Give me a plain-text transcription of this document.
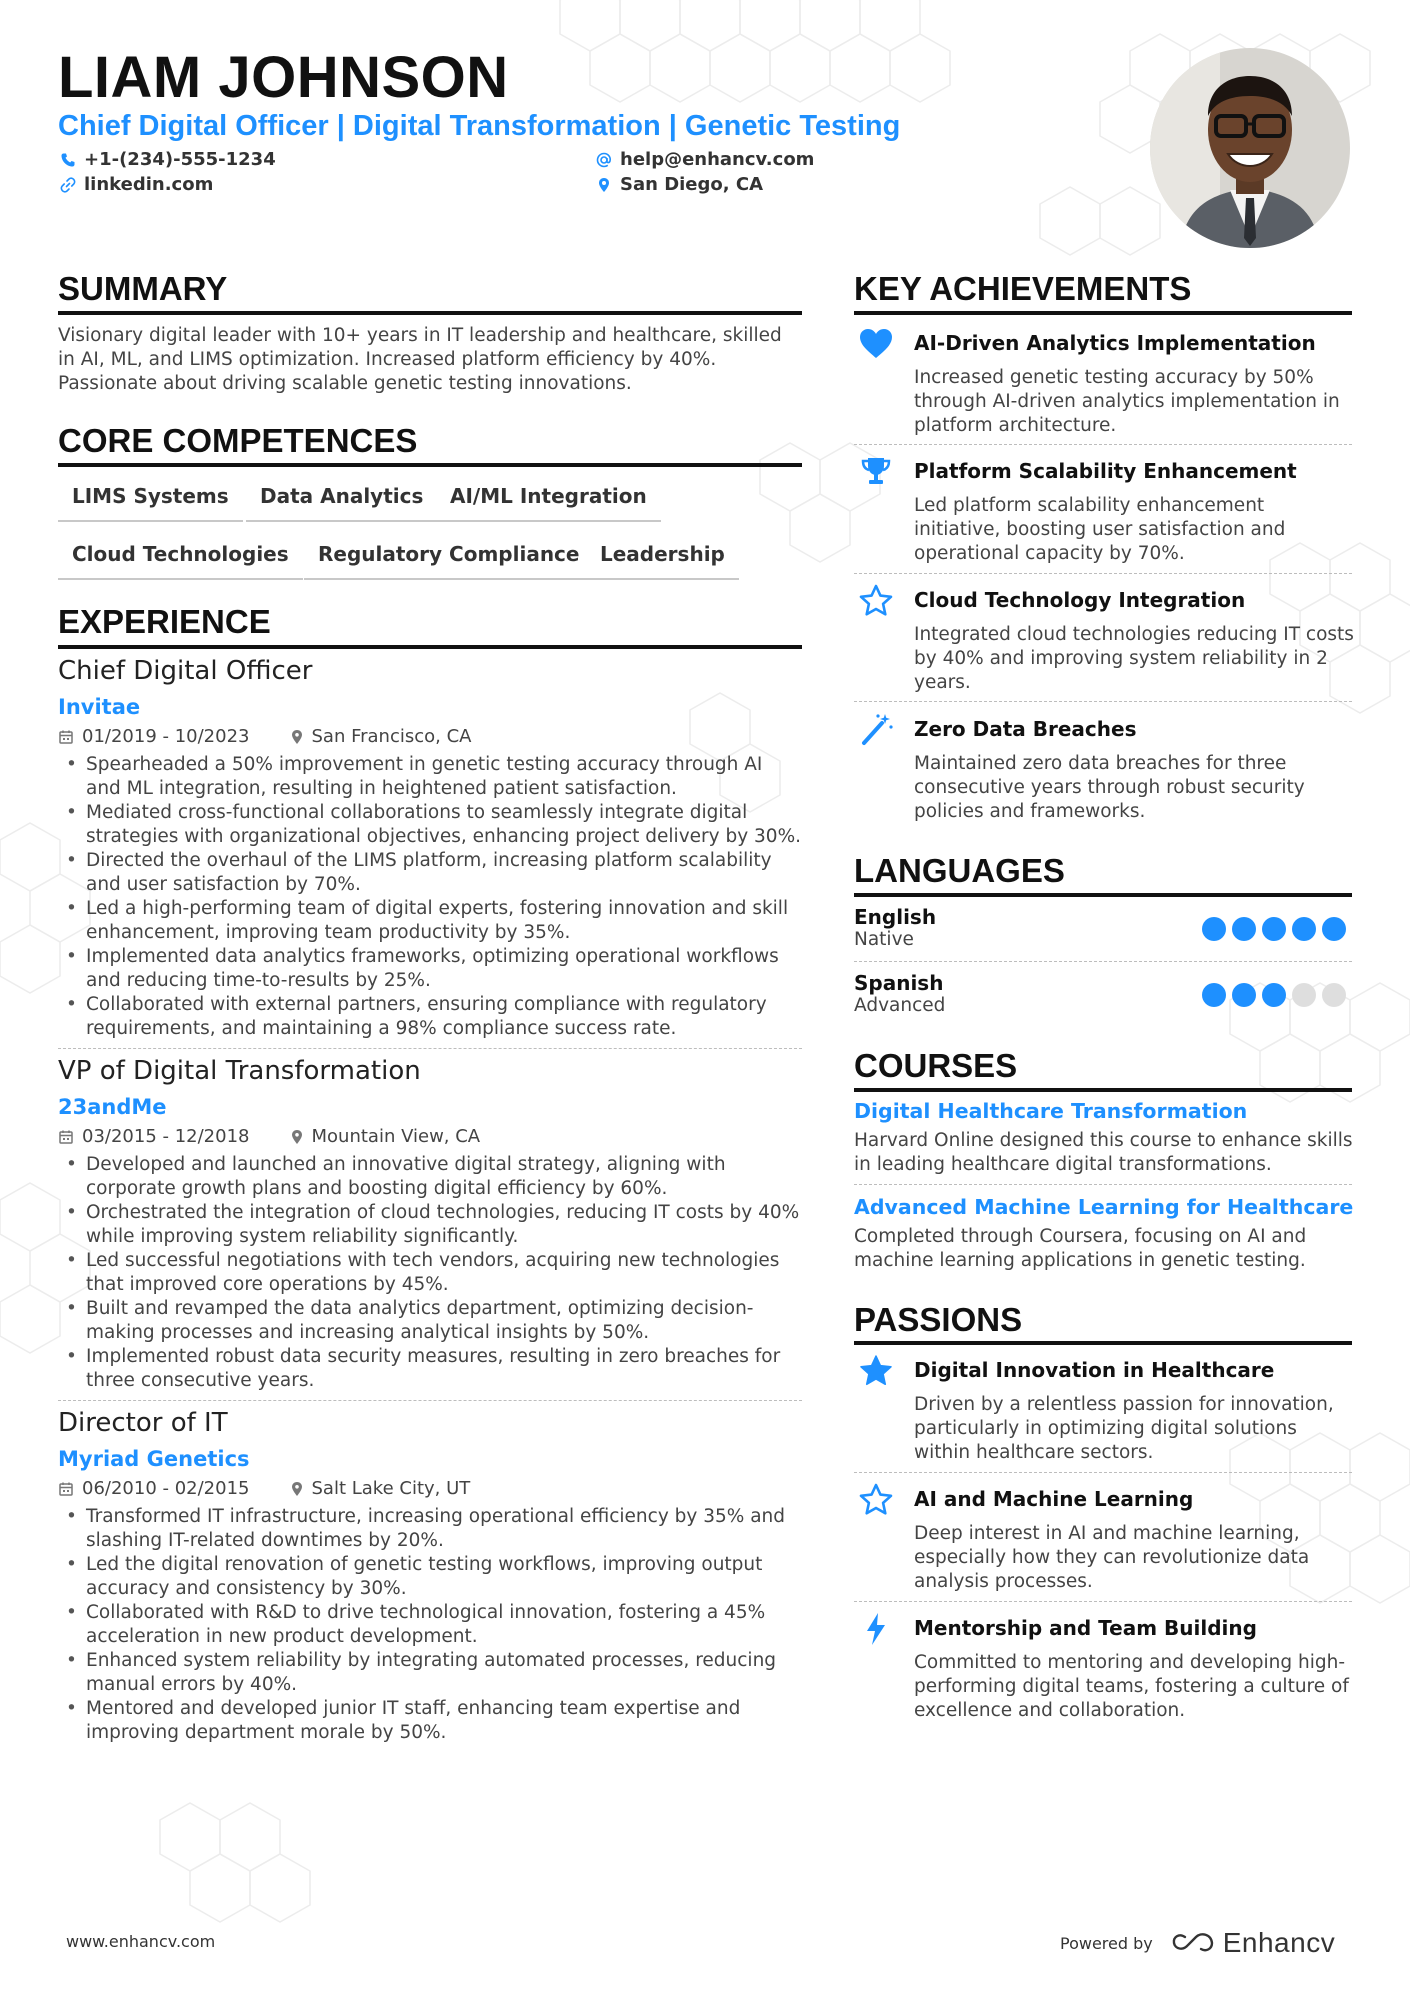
LIAM JOHNSON
Chief Digital Officer | Digital Transformation | Genetic Testing
+1-(234)-555-1234	help@enhancv.com
linkedin.com	San Diego, CA
SUMMARY
Visionary digital leader with 10+ years in IT leadership and healthcare, skilled in AI, ML, and LIMS optimization. Increased platform efficiency by 40%. Passionate about driving scalable genetic testing innovations.
CORE COMPETENCES
LIMS Systems	Data Analytics	AI/ML Integration
Cloud Technologies	Regulatory Compliance	Leadership
EXPERIENCE
Chief Digital Officer
Invitae
01/2019 - 10/2023	San Francisco, CA
• Spearheaded a 50% improvement in genetic testing accuracy through AI and ML integration, resulting in heightened patient satisfaction.
• Mediated cross-functional collaborations to seamlessly integrate digital strategies with organizational objectives, enhancing project delivery by 30%.
• Directed the overhaul of the LIMS platform, increasing platform scalability and user satisfaction by 70%.
• Led a high-performing team of digital experts, fostering innovation and skill enhancement, improving team productivity by 35%.
• Implemented data analytics frameworks, optimizing operational workflows and reducing time-to-results by 25%.
• Collaborated with external partners, ensuring compliance with regulatory requirements, and maintaining a 98% compliance success rate.
VP of Digital Transformation
23andMe
03/2015 - 12/2018	Mountain View, CA
• Developed and launched an innovative digital strategy, aligning with corporate growth plans and boosting digital efficiency by 60%.
• Orchestrated the integration of cloud technologies, reducing IT costs by 40% while improving system reliability significantly.
• Led successful negotiations with tech vendors, acquiring new technologies that improved core operations by 45%.
• Built and revamped the data analytics department, optimizing decision-making processes and increasing analytical insights by 50%.
• Implemented robust data security measures, resulting in zero breaches for three consecutive years.
Director of IT
Myriad Genetics
06/2010 - 02/2015	Salt Lake City, UT
• Transformed IT infrastructure, increasing operational efficiency by 35% and slashing IT-related downtimes by 20%.
• Led the digital renovation of genetic testing workflows, improving output accuracy and consistency by 30%.
• Collaborated with R&D to drive technological innovation, fostering a 45% acceleration in new product development.
• Enhanced system reliability by integrating automated processes, reducing manual errors by 40%.
• Mentored and developed junior IT staff, enhancing team expertise and improving department morale by 50%.
KEY ACHIEVEMENTS
AI-Driven Analytics Implementation
Increased genetic testing accuracy by 50% through AI-driven analytics implementation in platform architecture.
Platform Scalability Enhancement
Led platform scalability enhancement initiative, boosting user satisfaction and operational capacity by 70%.
Cloud Technology Integration
Integrated cloud technologies reducing IT costs by 40% and improving system reliability in 2 years.
Zero Data Breaches
Maintained zero data breaches for three consecutive years through robust security policies and frameworks.
LANGUAGES
English
Native
Spanish
Advanced
COURSES
Digital Healthcare Transformation
Harvard Online designed this course to enhance skills in leading healthcare digital transformations.
Advanced Machine Learning for Healthcare
Completed through Coursera, focusing on AI and machine learning applications in genetic testing.
PASSIONS
Digital Innovation in Healthcare
Driven by a relentless passion for innovation, particularly in optimizing digital solutions within healthcare sectors.
AI and Machine Learning
Deep interest in AI and machine learning, especially how they can revolutionize data analysis processes.
Mentorship and Team Building
Committed to mentoring and developing high-performing digital teams, fostering a culture of excellence and collaboration.
www.enhancv.com	Powered by	Enhancv
